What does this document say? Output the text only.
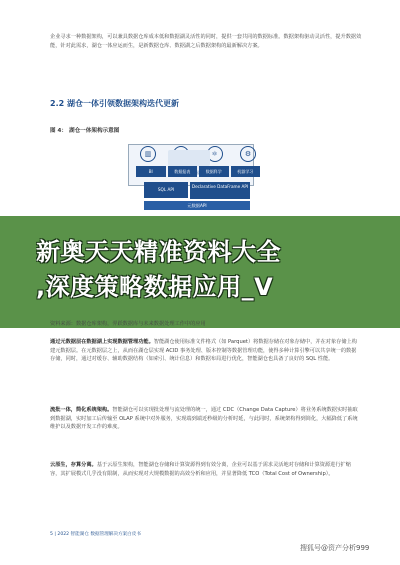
企业寻求一种数据架构，可以兼具数据仓库成本低和数据湖灵活性的同时，提供一套共同的数据标准。数据架构驱动灵活性，提升数据效能，针对此需求，湖仓一体应运而生，是新数据仓库、数据湖之后数据架构的最新解决方案。
2.2 湖仓一体引领数据架构迭代更新
图 4： 湖仓一体架构示意图
▥	⚛	⚙
BI	数据报表	数据科学	机器学习
SQL API
Declarative DataFrame API
元数据API
数据湖
新奥天天精准资料大全
,深度策略数据应用_V
资料来源：数据仓库架构，羿跃数据库与未来数据处理工作中的应用
通过元数据层在数据湖上实现数据管理功能。智能湖仓使用标准文件格式（如 Parquet）将数据存储在对象存储中，并在对象存储上构建元数据层。在元数据层之上，从而在湖仓层实现 ACID 事务处理、版本控制等数据管理功能，使得多种计算引擎可以共享统一的数据存储，同时，通过对缓存、辅助数据结构（如索引、统计信息）和数据布局进行优化，智能湖仓也具备了良好的 SQL 性能。
流批一体，简化系统架构。智能湖仓可以实现批处理与流处理的统一，通过 CDC（Change Data Capture）将业务系统数据实时抽取到数据湖，实时加工后传输至 OLAP 系统中对外服务，实现端到端近秒级的分析时延，与此同时，系统架构得到简化，大幅降低了系统维护以及数据开发工作的难度。
云原生，存算分离。基于云原生架构，智能湖仓存储和计算资源得到有效分离，企业可以基于需求灵活地对存储和计算资源进行扩缩容，其扩展模式几乎没有限制，从而实现对大规模数据的高效分析和应用，并显著降低 TCO（Total Cost of Ownership）。
5 | 2022 智能湖仓 数据管理解决方案白皮书
搜狐号@资产分析999
